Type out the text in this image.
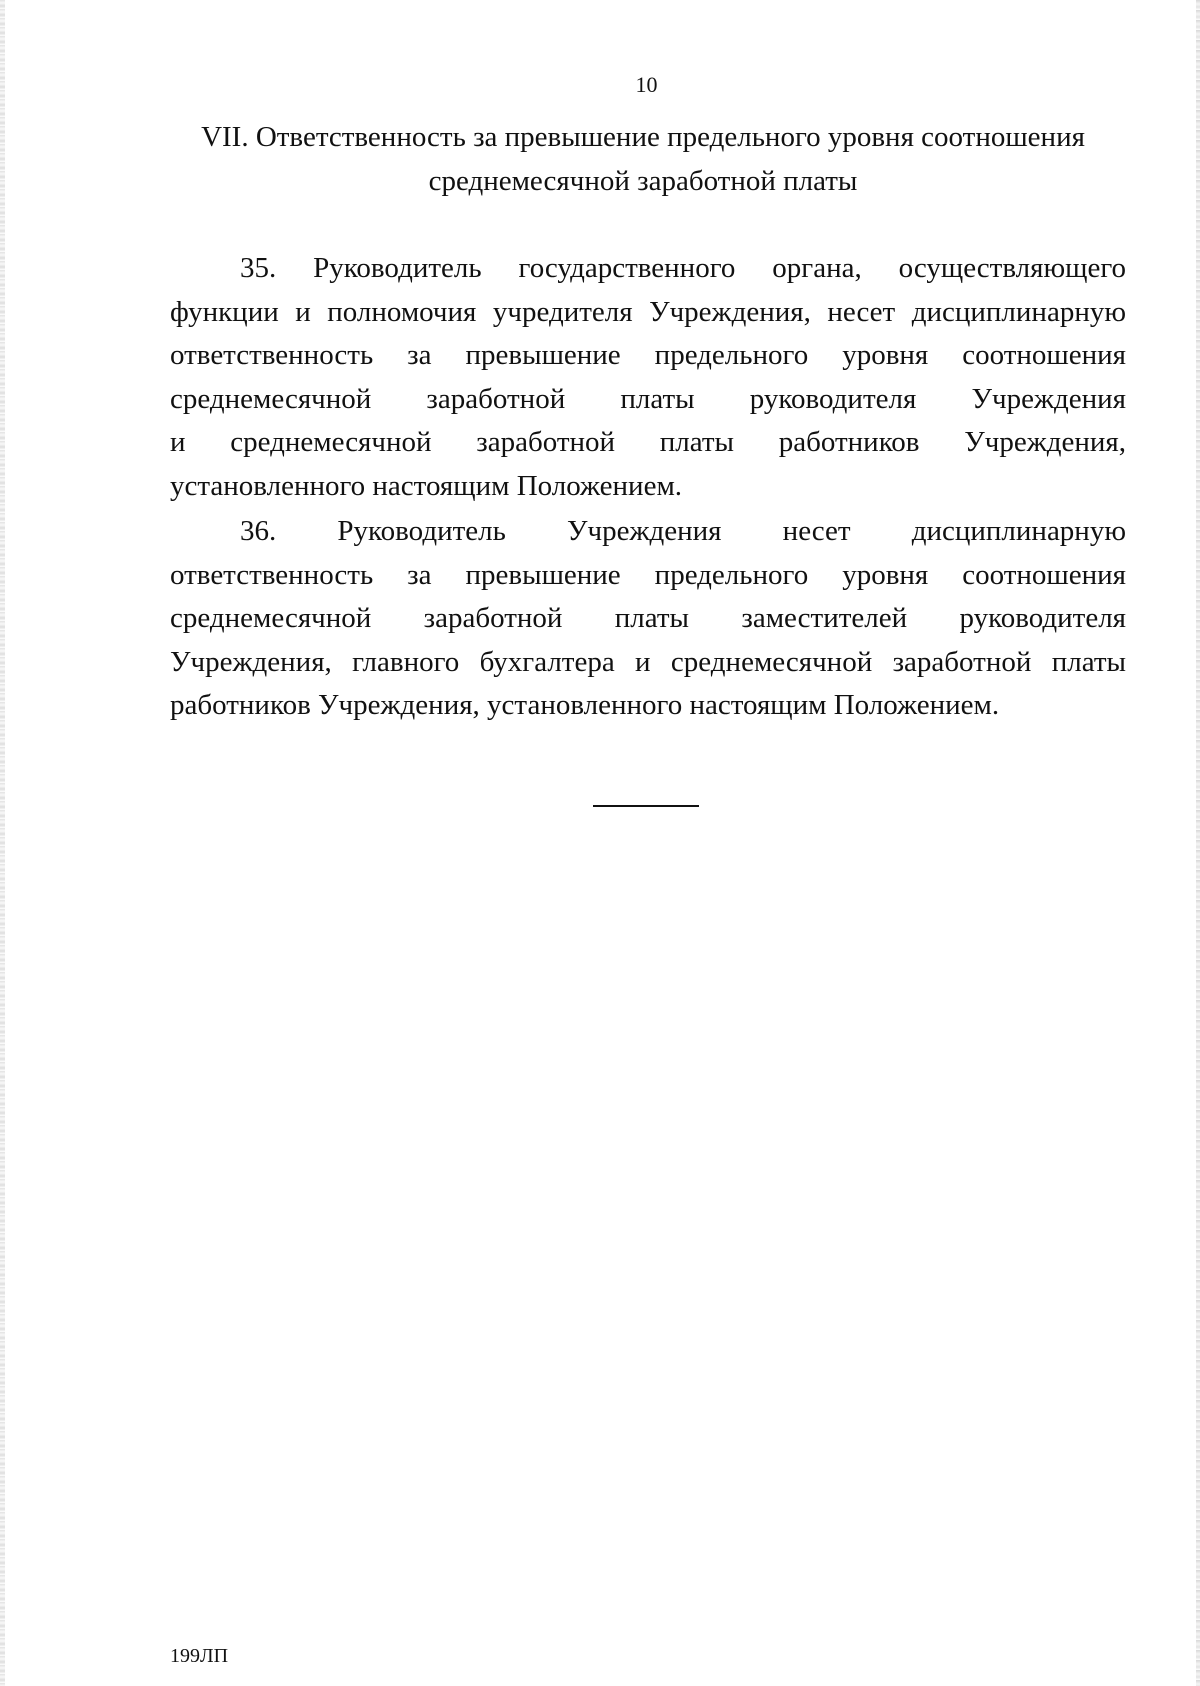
10
VII. Ответственность за превышение предельного уровня соотношения
среднемесячной заработной платы
35. Руководитель государственного органа, осуществляющего
функции и полномочия учредителя Учреждения, несет дисциплинарную
ответственность за превышение предельного уровня соотношения
среднемесячной заработной платы руководителя Учреждения
и среднемесячной заработной платы работников Учреждения,
установленного настоящим Положением.
36. Руководитель Учреждения несет дисциплинарную
ответственность за превышение предельного уровня соотношения
среднемесячной заработной платы заместителей руководителя
Учреждения, главного бухгалтера и среднемесячной заработной платы
работников Учреждения, установленного настоящим Положением.
199ЛП
